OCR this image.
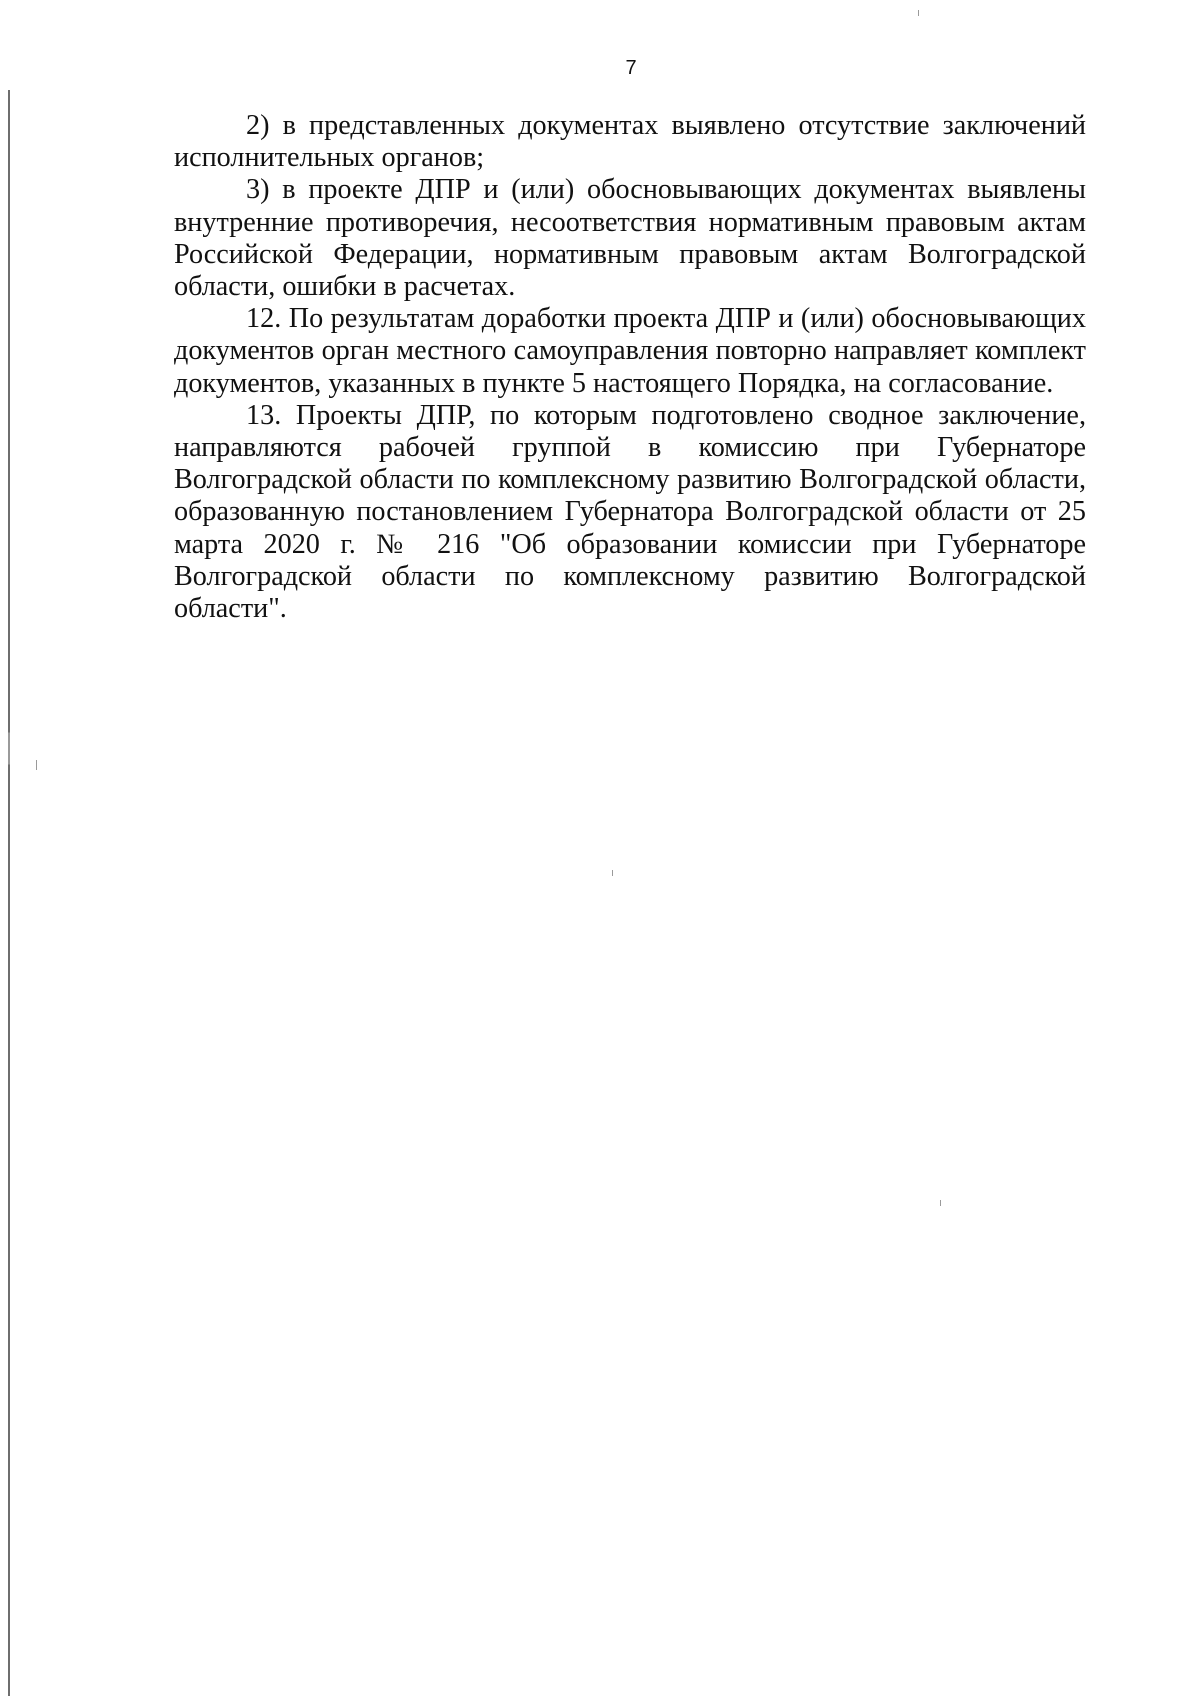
7

2) в представленных документах выявлено отсутствие заключений исполнительных органов;

3) в проекте ДПР и (или) обосновывающих документах выявлены внутренние противоречия, несоответствия нормативным правовым актам Российской Федерации, нормативным правовым актам Волгоградской области, ошибки в расчетах.

12. По результатам доработки проекта ДПР и (или) обосновывающих документов орган местного самоуправления повторно направляет комплект документов, указанных в пункте 5 настоящего Порядка, на согласование.

13. Проекты ДПР, по которым подготовлено сводное заключение, направляются рабочей группой в комиссию при Губернаторе Волгоградской области по комплексному развитию Волгоградской области, образованную постановлением Губернатора Волгоградской области от 25 марта 2020 г. № 216 "Об образовании комиссии при Губернаторе Волгоградской области по комплексному развитию Волгоградской области".
